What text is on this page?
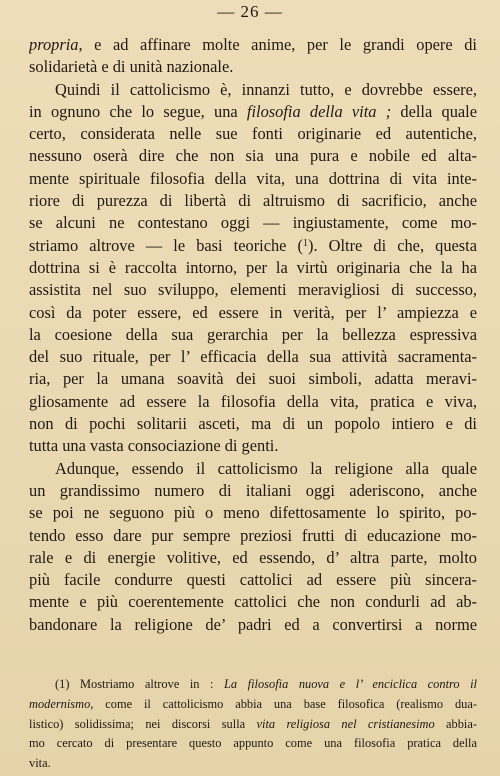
— 26 —
propria, e ad affinare molte anime, per le grandi opere di
solidarietà e di unità nazionale.
Quindi il cattolicismo è, innanzi tutto, e dovrebbe essere,
in ognuno che lo segue, una filosofia della vita ; della quale
certo, considerata nelle sue fonti originarie ed autentiche,
nessuno oserà dire che non sia una pura e nobile ed alta-
mente spirituale filosofia della vita, una dottrina di vita inte-
riore di purezza di libertà di altruismo di sacrificio, anche
se alcuni ne contestano oggi — ingiustamente, come mo-
striamo altrove — le basi teoriche ($^1$). Oltre di che, questa
dottrina si è raccolta intorno, per la virtù originaria che la ha
assistita nel suo sviluppo, elementi meravigliosi di successo,
così da poter essere, ed essere in verità, per l’ ampiezza e
la coesione della sua gerarchia per la bellezza espressiva
del suo rituale, per l’ efficacia della sua attività sacramenta-
ria, per la umana soavità dei suoi simboli, adatta meravi-
gliosamente ad essere la filosofia della vita, pratica e viva,
non di pochi solitarii asceti, ma di un popolo intiero e di
tutta una vasta consociazione di genti.
Adunque, essendo il cattolicismo la religione alla quale
un grandissimo numero di italiani oggi aderiscono, anche
se poi ne seguono più o meno difettosamente lo spirito, po-
tendo esso dare pur sempre preziosi frutti di educazione mo-
rale e di energie volitive, ed essendo, d’ altra parte, molto
più facile condurre questi cattolici ad essere più sincera-
mente e più coerentemente cattolici che non condurli ad ab-
bandonare la religione de’ padri ed a convertirsi a norme
(1) Mostriamo altrove in : La filosofia nuova e l’ enciclica contro il
modernismo, come il cattolicismo abbia una base filosofica (realismo dua-
listico) solidissima; nei discorsi sulla vita religiosa nel cristianesimo abbia-
mo cercato di presentare questo appunto come una filosofia pratica della
vita.
